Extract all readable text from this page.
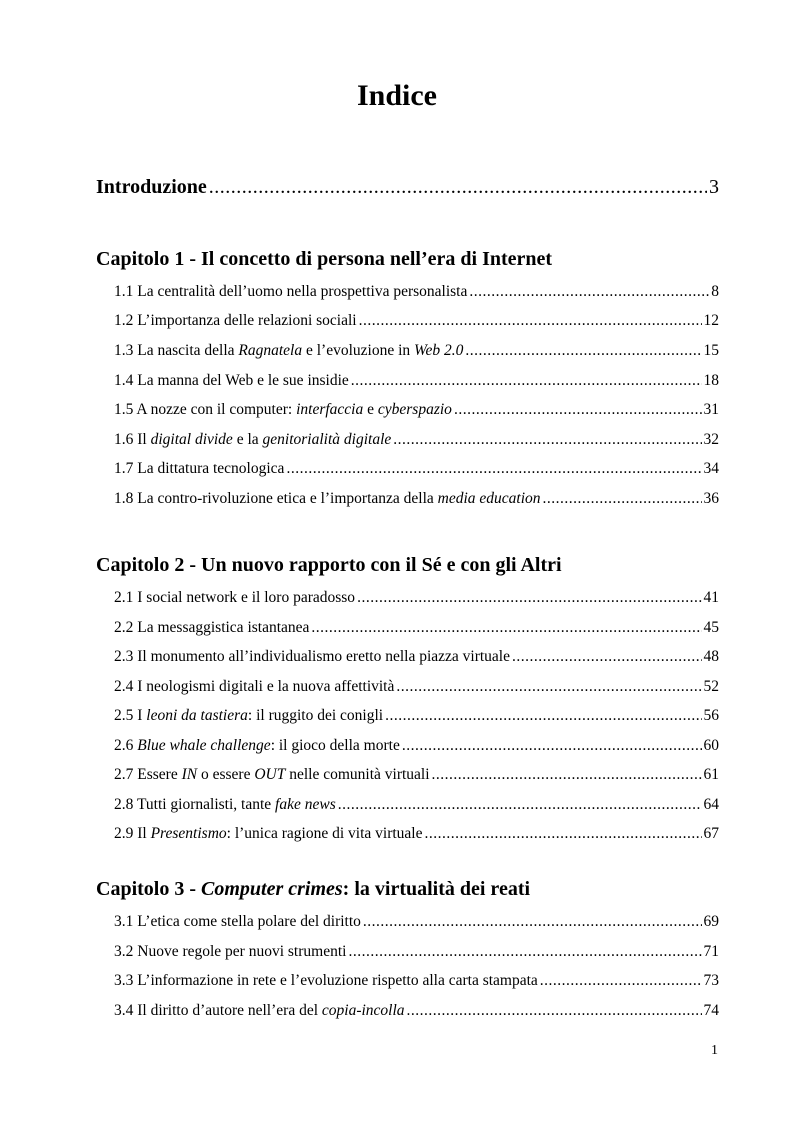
Indice
Introduzione .....	3
Capitolo 1 - Il concetto di persona nell’era di Internet
1.1 La centralità dell’uomo nella prospettiva personalista .....	8
1.2 L’importanza delle relazioni sociali .....	12
1.3 La nascita della Ragnatela e l’evoluzione in Web 2.0 .....	15
1.4 La manna del Web e le sue insidie .....	18
1.5 A nozze con il computer: interfaccia e cyberspazio .....	31
1.6 Il digital divide e la genitorialità digitale .....	32
1.7 La dittatura tecnologica .....	34
1.8 La contro-rivoluzione etica e l’importanza della media education .....	36
Capitolo 2 - Un nuovo rapporto con il Sé e con gli Altri
2.1 I social network e il loro paradosso .....	41
2.2 La messaggistica istantanea .....	45
2.3 Il monumento all’individualismo eretto nella piazza virtuale .....	48
2.4 I neologismi digitali e la nuova affettività .....	52
2.5 I leoni da tastiera: il ruggito dei conigli .....	56
2.6 Blue whale challenge: il gioco della morte .....	60
2.7 Essere IN o essere OUT nelle comunità virtuali .....	61
2.8 Tutti giornalisti, tante fake news .....	64
2.9 Il Presentismo: l’unica ragione di vita virtuale .....	67
Capitolo 3 - Computer crimes: la virtualità dei reati
3.1 L’etica come stella polare del diritto .....	69
3.2 Nuove regole per nuovi strumenti .....	71
3.3 L’informazione in rete e l’evoluzione rispetto alla carta stampata .....	73
3.4 Il diritto d’autore nell’era del copia-incolla .....	74
1
